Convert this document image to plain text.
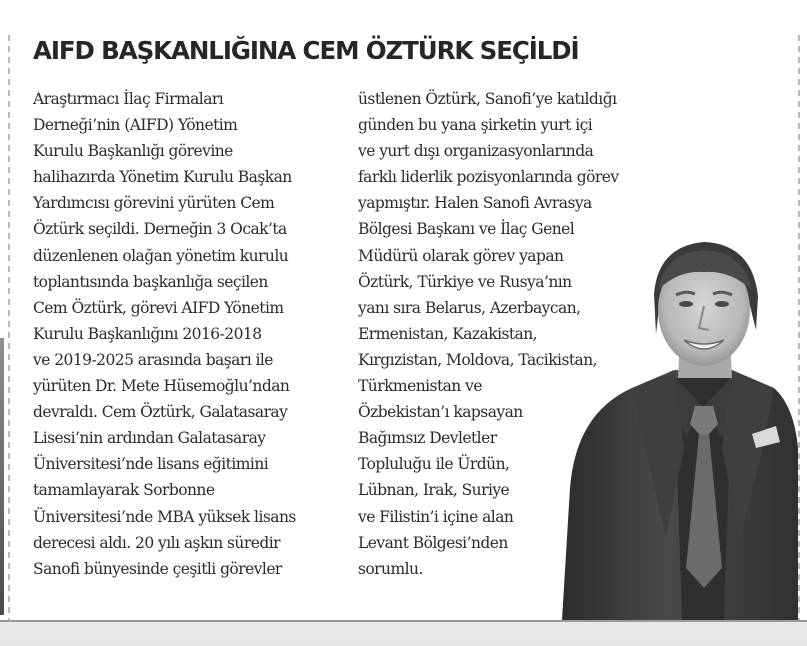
AIFD BAŞKANLIĞINA CEM ÖZTÜRK SEÇİLDİ
Araştırmacı İlaç Firmaları
Derneği’nin (AIFD) Yönetim
Kurulu Başkanlığı görevine
halihazırda Yönetim Kurulu Başkan
Yardımcısı görevini yürüten Cem
Öztürk seçildi. Derneğin 3 Ocak’ta
düzenlenen olağan yönetim kurulu
toplantısında başkanlığa seçilen
Cem Öztürk, görevi AIFD Yönetim
Kurulu Başkanlığını 2016-2018
ve 2019-2025 arasında başarı ile
yürüten Dr. Mete Hüsemoğlu’ndan
devraldı. Cem Öztürk, Galatasaray
Lisesi’nin ardından Galatasaray
Üniversitesi’nde lisans eğitimini
tamamlayarak Sorbonne
Üniversitesi’nde MBA yüksek lisans
derecesi aldı. 20 yılı aşkın süredir
Sanofi bünyesinde çeşitli görevler
üstlenen Öztürk, Sanofi’ye katıldığı
günden bu yana şirketin yurt içi
ve yurt dışı organizasyonlarında
farklı liderlik pozisyonlarında görev
yapmıştır. Halen Sanofi Avrasya
Bölgesi Başkanı ve İlaç Genel
Müdürü olarak görev yapan
Öztürk, Türkiye ve Rusya’nın
yanı sıra Belarus, Azerbaycan,
Ermenistan, Kazakistan,
Kırgızistan, Moldova, Tacikistan,
Türkmenistan ve
Özbekistan’ı kapsayan
Bağımsız Devletler
Topluluğu ile Ürdün,
Lübnan, Irak, Suriye
ve Filistin’i içine alan
Levant Bölgesi’nden
sorumlu.
